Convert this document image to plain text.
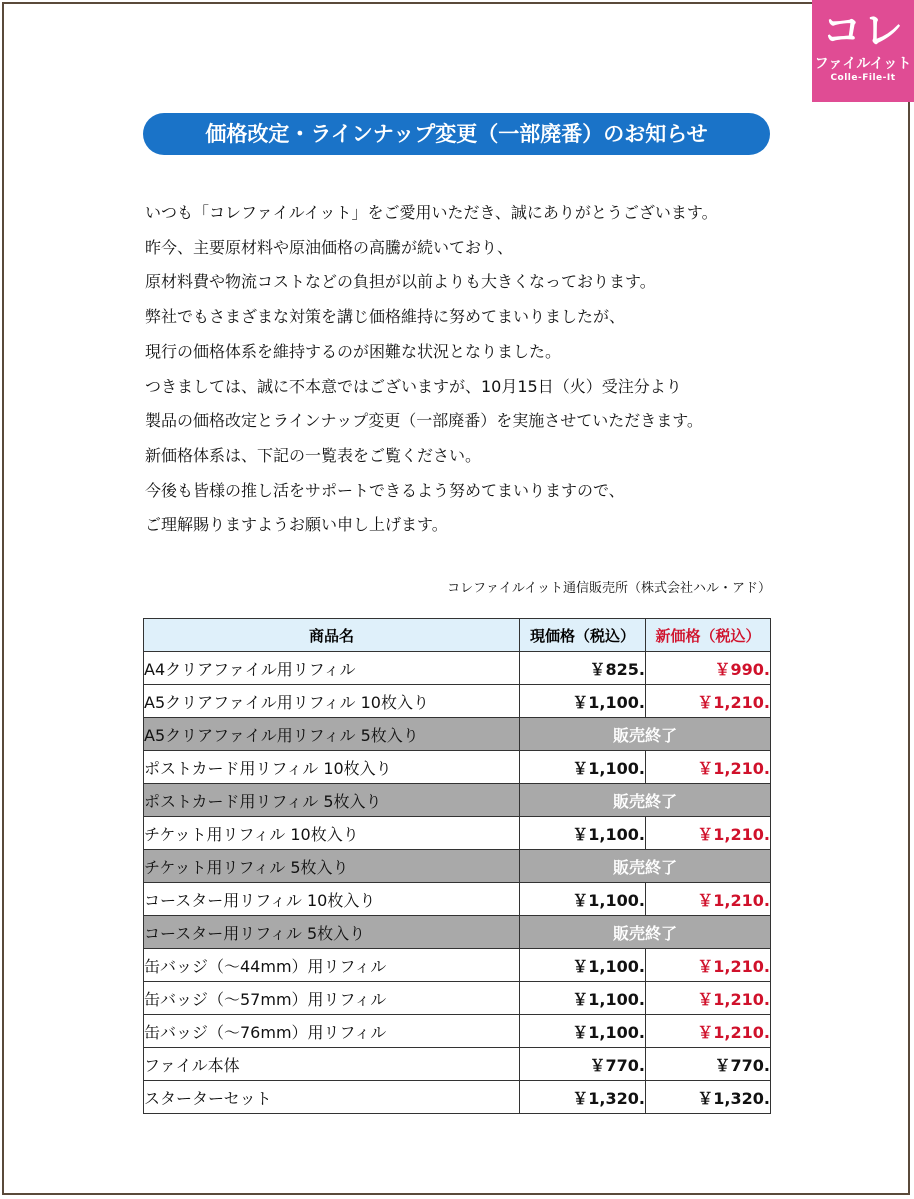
コレ
ファイルイット
Colle-File-It
価格改定・ラインナップ変更（一部廃番）のお知らせ
いつも「コレファイルイット」をご愛用いただき、誠にありがとうございます。
昨今、主要原材料や原油価格の高騰が続いており、
原材料費や物流コストなどの負担が以前よりも大きくなっております。
弊社でもさまざまな対策を講じ価格維持に努めてまいりましたが、
現行の価格体系を維持するのが困難な状況となりました。
つきましては、誠に不本意ではございますが、10月15日（火）受注分より
製品の価格改定とラインナップ変更（一部廃番）を実施させていただきます。
新価格体系は、下記の一覧表をご覧ください。
今後も皆様の推し活をサポートできるよう努めてまいりますので、
ご理解賜りますようお願い申し上げます。
コレファイルイット通信販売所（株式会社ハル・アド）
商品名	現価格（税込）	新価格（税込）
A4クリアファイル用リフィル	￥825.	￥990.
A5クリアファイル用リフィル 10枚入り	￥1,100.	￥1,210.
A5クリアファイル用リフィル 5枚入り	販売終了	
ポストカード用リフィル 10枚入り	￥1,100.	￥1,210.
ポストカード用リフィル 5枚入り	販売終了	
チケット用リフィル 10枚入り	￥1,100.	￥1,210.
チケット用リフィル 5枚入り	販売終了	
コースター用リフィル 10枚入り	￥1,100.	￥1,210.
コースター用リフィル 5枚入り	販売終了	
缶バッジ（〜44mm）用リフィル	￥1,100.	￥1,210.
缶バッジ（〜57mm）用リフィル	￥1,100.	￥1,210.
缶バッジ（〜76mm）用リフィル	￥1,100.	￥1,210.
ファイル本体	￥770.	￥770.
スターターセット	￥1,320.	￥1,320.
